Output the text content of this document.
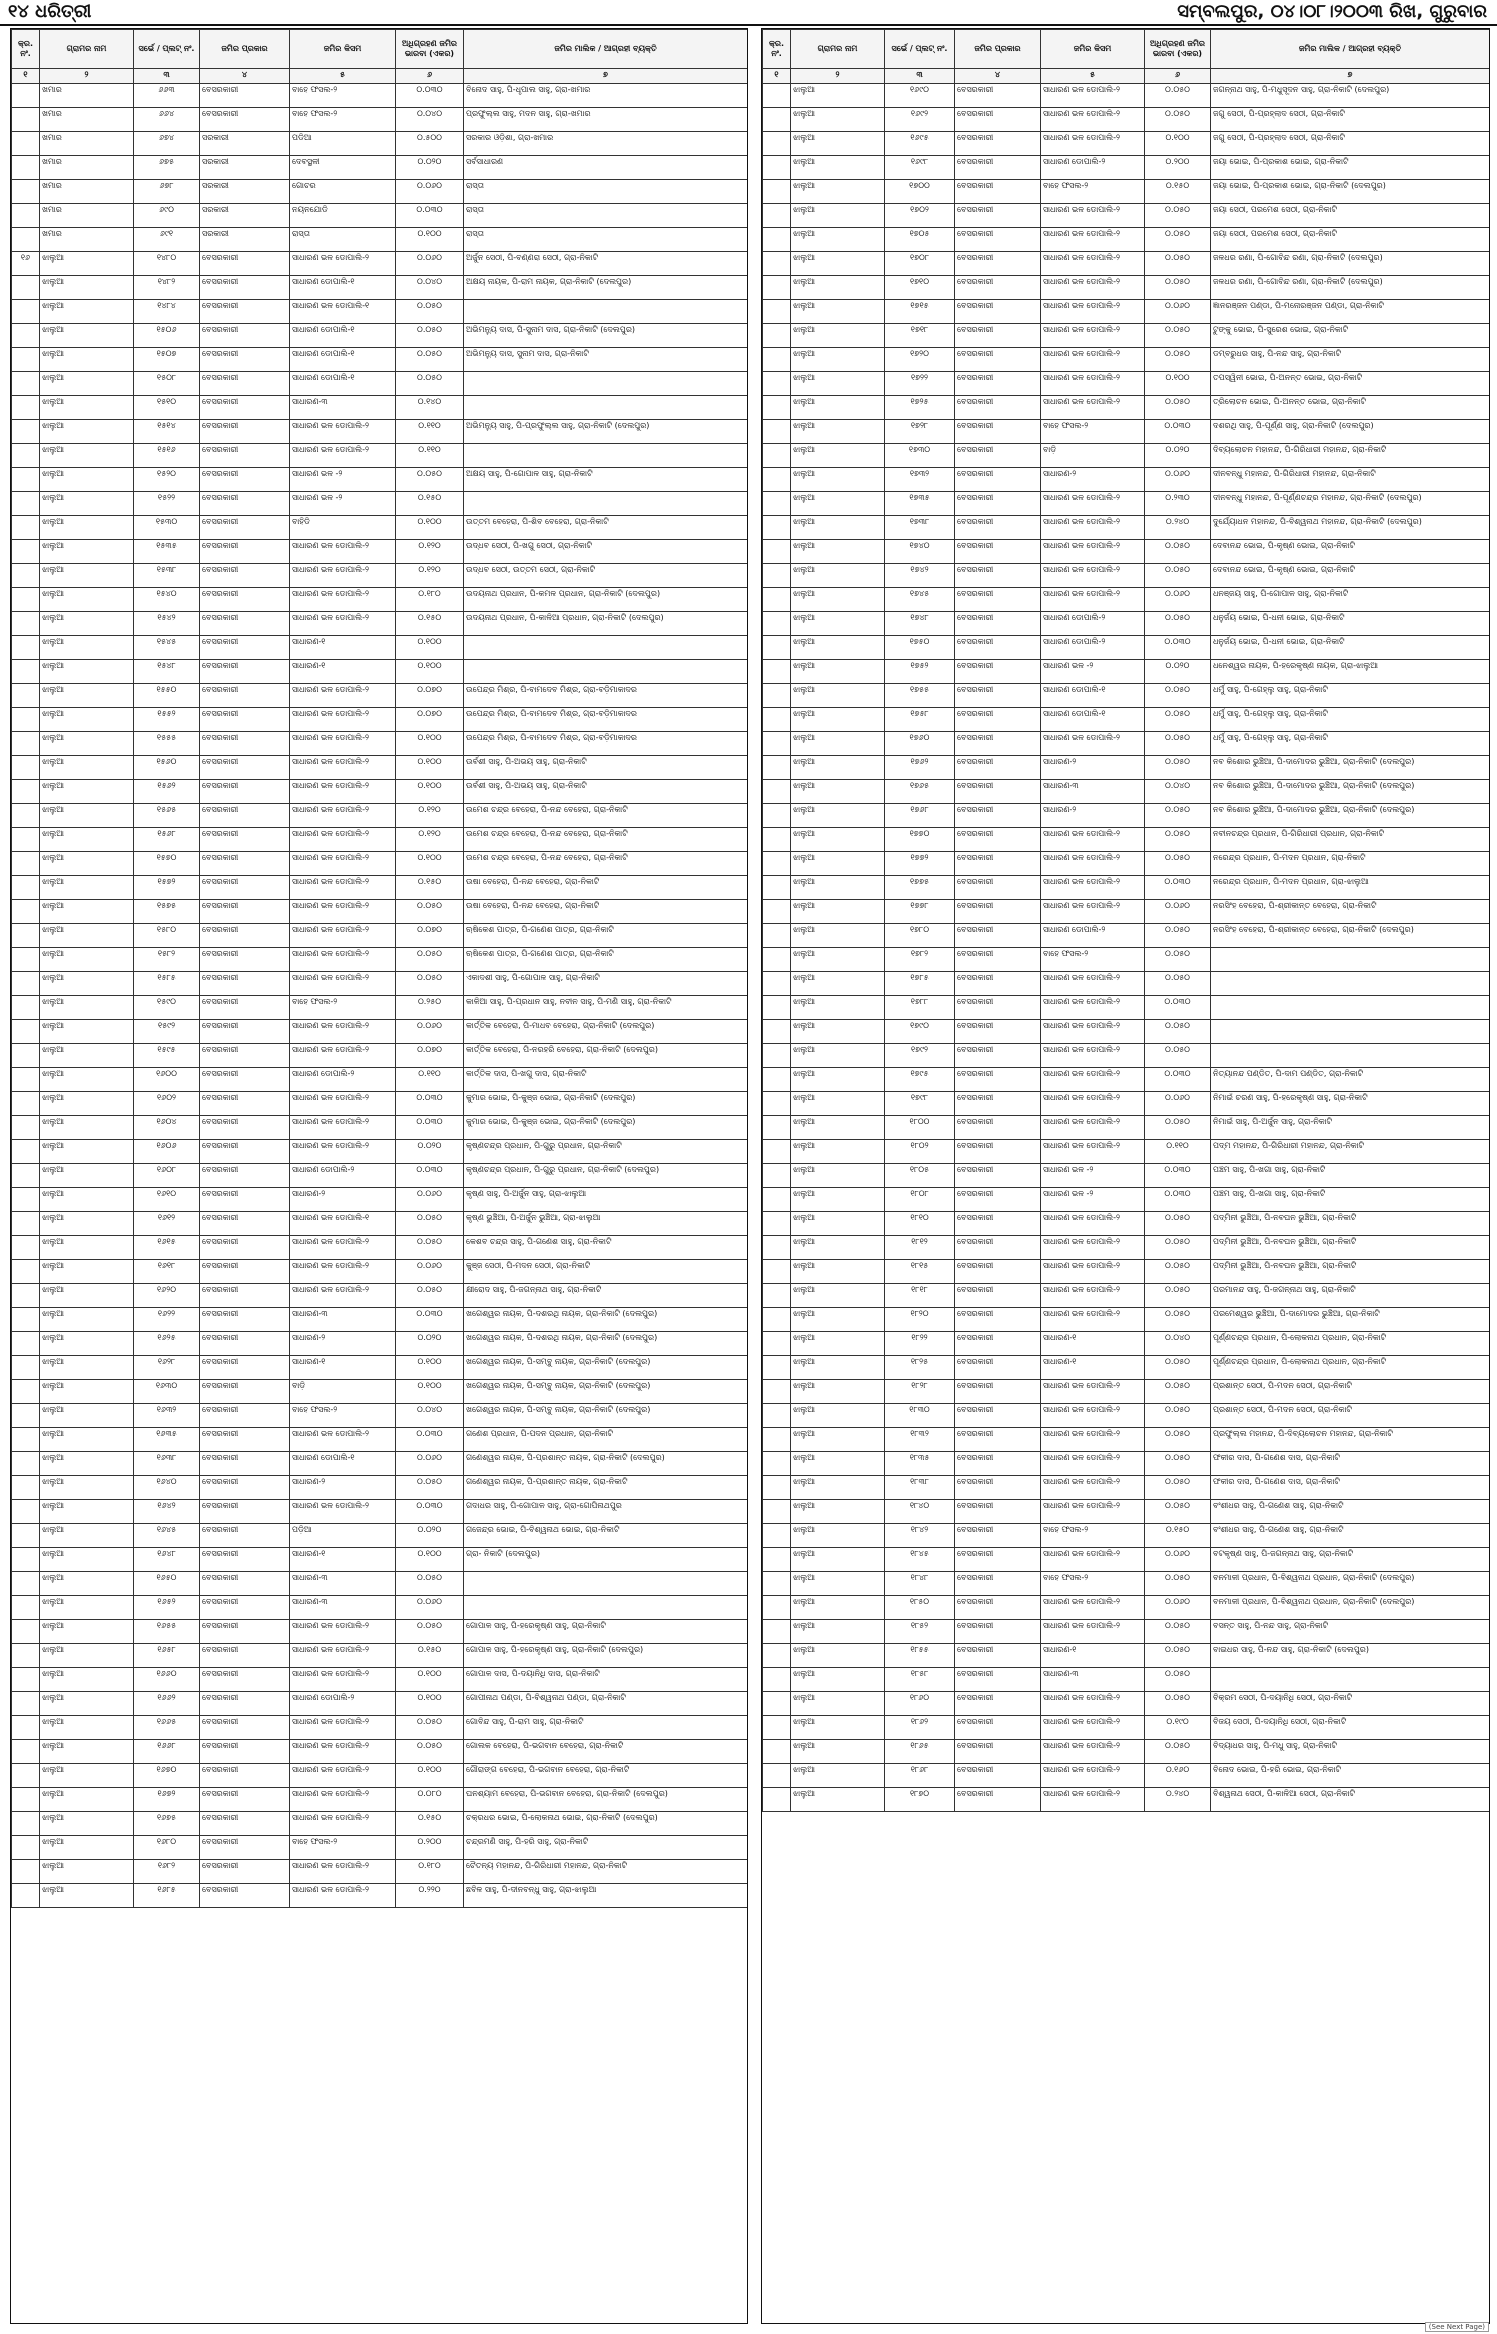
୧୪ ଧରିତ୍ରୀ	ସମ୍ବଲପୁର, ୦୪।୦୮।୨୦୦୩ ରିଖ, ଗୁରୁବାର
କ୍ର. ନଂ.	ଗ୍ରାମର ନାମ	ସର୍ଭେ / ପ୍ଲଟ୍ ନଂ.	ଜମିର ପ୍ରକାର	ଜମିର କିସମ	ଅଧିଗ୍ରହଣ ଜମିର ଭାରବା (ଏକର)	ଜମିର ମାଲିକ / ଆଗ୍ରହୀ ବ୍ୟକ୍ତି
୧	୨	୩	୪	୫	୬	୭
	ଖମାର	୬୬୩	ବେସରକାରୀ	ବାହେ ଫସଲ-୨	୦.୦୩୦	ବିନୋଦ ସାହୁ, ପି-ଧୃପାଲ ସାହୁ, ଗ୍ରା-ଖମାର
	ଖମାର	୬୬୪	ବେସରକାରୀ	ବାହେ ଫସଲ-୨	୦.୦୪୦	ପ୍ରଫୁଲ୍ଲ ସାହୁ, ମଦନ ସାହୁ, ଗ୍ରା-ଖମାର
	ଖମାର	୬୭୪	ସରକାରୀ	ପଡିଆ	୦.୫୦୦	ସରକାର ଓଡ଼ିଶା, ଗ୍ରା-ଖମାର
	ଖମାର	୬୭୫	ସରକାରୀ	ଦେବସ୍ଥଳୀ	୦.୦୨୦	ସର୍ବସାଧାରଣ
	ଖମାର	୬୭୮	ସରକାରୀ	ଗୋଚର	୦.୦୬୦	ରାସ୍ତା
	ଖମାର	୬୯୦	ସରକାରୀ	ନୟନଯୋଡି	୦.୦୩୦	ରାସ୍ତା
	ଖମାର	୬୯୧	ସରକାରୀ	ରାସ୍ତା	୦.୧୦୦	ରାସ୍ତା
୧୬	ଝାଲୁଆ	୧୪୮୦	ବେସରକାରୀ	ସାଧାରଣ ଭଳ ଡୋପାଲି-୨	୦.୦୬୦	ଅର୍ଜୁନ ସେଠୀ, ପି-ବଣ୍ଣରା ସେଠୀ, ଗ୍ରା-ନିକାଟି
	ଝାଲୁଆ	୧୪୮୨	ବେସରକାରୀ	ସାଧାରଣ ଡୋପାଲି-୧	୦.୦୪୦	ଅକ୍ଷୟ ନାୟକ, ପି-ରାମ ନାୟକ, ଗ୍ରା-ନିକାଟି (ଦେଲପୁର)
	ଝାଲୁଆ	୧୪୮୪	ବେସରକାରୀ	ସାଧାରଣ ଭଳ ଡୋପାଲି-୧	୦.୦୫୦	
	ଝାଲୁଆ	୧୫୦୬	ବେସରକାରୀ	ସାଧାରଣ ଡୋପାଲି-୧	୦.୦୫୦	ଅଭିମନ୍ୟୁ ଦାସ, ପି-ସୁନାମ ଦାସ, ଗ୍ରା-ନିକାଟି (ଦେଲପୁର)
	ଝାଲୁଆ	୧୫୦୭	ବେସରକାରୀ	ସାଧାରଣ ଡୋପାଲି-୧	୦.୦୫୦	ଅଭିମନ୍ୟୁ ଦାସ, ସୁନାମ ଦାସ, ଗ୍ରା-ନିକାଟି
	ଝାଲୁଆ	୧୫୦୮	ବେସରକାରୀ	ସାଧାରଣ ଡୋପାଲି-୧	୦.୦୫୦	
	ଝାଲୁଆ	୧୫୧୦	ବେସରକାରୀ	ସାଧାରଣ-୩	୦.୧୪୦	
	ଝାଲୁଆ	୧୫୧୪	ବେସରକାରୀ	ସାଧାରଣ ଭଳ ଡୋପାଲି-୨	୦.୧୧୦	ଅଭିମନ୍ୟୁ ସାହୁ, ପି-ପ୍ରଫୁଲ୍ଲ ସାହୁ, ଗ୍ରା-ନିକାଟି (ଦେଲପୁର)
	ଝାଲୁଆ	୧୫୧୬	ବେସରକାରୀ	ସାଧାରଣ ଭଳ ଡୋପାଲି-୨	୦.୧୧୦	
	ଝାଲୁଆ	୧୫୨୦	ବେସରକାରୀ	ସାଧାରଣ ଭଳ -୨	୦.୦୫୦	ଅକ୍ଷୟ ସାହୁ, ପି-ଗୋପାଳ ସାହୁ, ଗ୍ରା-ନିକାଟି
	ଝାଲୁଆ	୧୫୨୨	ବେସରକାରୀ	ସାଧାରଣ ଭଳ -୨	୦.୧୫୦	
	ଝାଲୁଆ	୧୫୩୦	ବେସରକାରୀ	ବାହିଡି	୦.୧୦୦	ଉତ୍ତମ ବେହେରା, ପି-ଶିବ ବେହେରା, ଗ୍ରା-ନିକାଟି
	ଝାଲୁଆ	୧୫୩୫	ବେସରକାରୀ	ସାଧାରଣ ଭଳ ଡୋପାଲି-୨	୦.୧୨୦	ଉଦ୍ଧବ ସେଠୀ, ପି-ଖଗୁ ସେଠୀ, ଗ୍ରା-ନିକାଟି
	ଝାଲୁଆ	୧୫୩୮	ବେସରକାରୀ	ସାଧାରଣ ଭଳ ଡୋପାଲି-୨	୦.୧୨୦	ଉଦ୍ଧବ ସେଠୀ, ଉତ୍ତମ ସେଠୀ, ଗ୍ରା-ନିକାଟି
	ଝାଲୁଆ	୧୫୪୦	ବେସରକାରୀ	ସାଧାରଣ ଭଳ ଡୋପାଲି-୨	୦.୧୮୦	ଉଦୟନାଥ ପ୍ରଧାନ, ପି-କମଳ ପ୍ରଧାନ, ଗ୍ରା-ନିକାଟି (ଦେଲପୁର)
	ଝାଲୁଆ	୧୫୪୨	ବେସରକାରୀ	ସାଧାରଣ ଭଳ ଡୋପାଲି-୨	୦.୧୫୦	ଉଦୟନାଥ ପ୍ରଧାନ, ପି-କାଳିଆ ପ୍ରଧାନ, ଗ୍ରା-ନିକାଟି (ଦେଲପୁର)
	ଝାଲୁଆ	୧୫୪୫	ବେସରକାରୀ	ସାଧାରଣ-୧	୦.୧୦୦	
	ଝାଲୁଆ	୧୫୪୮	ବେସରକାରୀ	ସାଧାରଣ-୧	୦.୧୦୦	
	ଝାଲୁଆ	୧୫୫୦	ବେସରକାରୀ	ସାଧାରଣ ଭଳ ଡୋପାଲି-୨	୦.୦୭୦	ଉପେନ୍ଦ୍ର ମିଶ୍ର, ପି-ବାମଦେବ ମିଶ୍ର, ଗ୍ରା-ବଡ଼ିମାକାଦର
	ଝାଲୁଆ	୧୫୫୨	ବେସରକାରୀ	ସାଧାରଣ ଭଳ ଡୋପାଲି-୨	୦.୦୭୦	ଉପେନ୍ଦ୍ର ମିଶ୍ର, ପି-ବାମଦେବ ମିଶ୍ର, ଗ୍ରା-ବଡ଼ିମାକାଦର
	ଝାଲୁଆ	୧୫୫୫	ବେସରକାରୀ	ସାଧାରଣ ଭଳ ଡୋପାଲି-୨	୦.୧୦୦	ଉପେନ୍ଦ୍ର ମିଶ୍ର, ପି-ବାମଦେବ ମିଶ୍ର, ଗ୍ରା-ବଡ଼ିମାକାଦର
	ଝାଲୁଆ	୧୫୬୦	ବେସରକାରୀ	ସାଧାରଣ ଭଳ ଡୋପାଲି-୨	୦.୧୦୦	ଉର୍ବଶୀ ସାହୁ, ପି-ଅଭୟ ସାହୁ, ଗ୍ରା-ନିକାଟି
	ଝାଲୁଆ	୧୫୬୨	ବେସରକାରୀ	ସାଧାରଣ ଭଳ ଡୋପାଲି-୨	୦.୧୦୦	ଉର୍ବଶୀ ସାହୁ, ପି-ଅଭୟ ସାହୁ, ଗ୍ରା-ନିକାଟି
	ଝାଲୁଆ	୧୫୬୫	ବେସରକାରୀ	ସାଧାରଣ ଭଳ ଡୋପାଲି-୨	୦.୧୨୦	ଉମେଶ ଚନ୍ଦ୍ର ବେହେରା, ପି-ନନ୍ଦ ବେହେରା, ଗ୍ରା-ନିକାଟି
	ଝାଲୁଆ	୧୫୬୮	ବେସରକାରୀ	ସାଧାରଣ ଭଳ ଡୋପାଲି-୨	୦.୧୨୦	ଉମେଶ ଚନ୍ଦ୍ର ବେହେରା, ପି-ନନ୍ଦ ବେହେରା, ଗ୍ରା-ନିକାଟି
	ଝାଲୁଆ	୧୫୭୦	ବେସରକାରୀ	ସାଧାରଣ ଭଳ ଡୋପାଲି-୨	୦.୧୦୦	ଉମେଶ ଚନ୍ଦ୍ର ବେହେରା, ପି-ନନ୍ଦ ବେହେରା, ଗ୍ରା-ନିକାଟି
	ଝାଲୁଆ	୧୫୭୨	ବେସରକାରୀ	ସାଧାରଣ ଭଳ ଡୋପାଲି-୨	୦.୧୫୦	ଉଷା ବେହେରା, ପି-ନନ୍ଦ ବେହେରା, ଗ୍ରା-ନିକାଟି
	ଝାଲୁଆ	୧୫୭୫	ବେସରକାରୀ	ସାଧାରଣ ଭଳ ଡୋପାଲି-୨	୦.୦୫୦	ଉଷା ବେହେରା, ପି-ନନ୍ଦ ବେହେରା, ଗ୍ରା-ନିକାଟି
	ଝାଲୁଆ	୧୫୮୦	ବେସରକାରୀ	ସାଧାରଣ ଭଳ ଡୋପାଲି-୨	୦.୦୭୦	ଋଷିକେଶ ପାତ୍ର, ପି-ଗଣେଶ ପାତ୍ର, ଗ୍ରା-ନିକାଟି
	ଝାଲୁଆ	୧୫୮୨	ବେସରକାରୀ	ସାଧାରଣ ଭଳ ଡୋପାଲି-୨	୦.୦୫୦	ଋଷିକେଶ ପାତ୍ର, ପି-ଗଣେଶ ପାତ୍ର, ଗ୍ରା-ନିକାଟି
	ଝାଲୁଆ	୧୫୮୫	ବେସରକାରୀ	ସାଧାରଣ ଭଳ ଡୋପାଲି-୨	୦.୦୫୦	ଏକାଦଶୀ ସାହୁ, ପି-ଗୋପାଳ ସାହୁ, ଗ୍ରା-ନିକାଟି
	ଝାଲୁଆ	୧୫୯୦	ବେସରକାରୀ	ବାହେ ଫସଲ-୨	୦.୨୫୦	କାଳିଆ ସାହୁ, ପି-ପ୍ରଧାନ ସାହୁ, ନବୀନ ସାହୁ, ପି-ମଣି ସାହୁ, ଗ୍ରା-ନିକାଟି
	ଝାଲୁଆ	୧୫୯୨	ବେସରକାରୀ	ସାଧାରଣ ଭଳ ଡୋପାଲି-୨	୦.୦୬୦	କାର୍ତ୍ତିକ ବେହେରା, ପି-ମାଧବ ବେହେରା, ଗ୍ରା-ନିକାଟି (ଦେଲପୁର)
	ଝାଲୁଆ	୧୫୯୫	ବେସରକାରୀ	ସାଧାରଣ ଭଳ ଡୋପାଲି-୨	୦.୦୭୦	କାର୍ତ୍ତିକ ବେହେରା, ପି-ନରହରି ବେହେରା, ଗ୍ରା-ନିକାଟି (ଦେଲପୁର)
	ଝାଲୁଆ	୧୬୦୦	ବେସରକାରୀ	ସାଧାରଣ ଡୋପାଲି-୨	୦.୧୧୦	କାର୍ତ୍ତିକ ଦାସ, ପି-ଖଗୁ ଦାସ, ଗ୍ରା-ନିକାଟି
	ଝାଲୁଆ	୧୬୦୨	ବେସରକାରୀ	ସାଧାରଣ ଭଳ ଡୋପାଲି-୨	୦.୦୩୦	କୁମାର ଭୋଇ, ପି-କୁଞ୍ଜ ଭୋଇ, ଗ୍ରା-ନିକାଟି (ଦେଲପୁର)
	ଝାଲୁଆ	୧୬୦୪	ବେସରକାରୀ	ସାଧାରଣ ଭଳ ଡୋପାଲି-୨	୦.୦୩୦	କୁମାର ଭୋଇ, ପି-କୁଞ୍ଜ ଭୋଇ, ଗ୍ରା-ନିକାଟି (ଦେଲପୁର)
	ଝାଲୁଆ	୧୬୦୬	ବେସରକାରୀ	ସାଧାରଣ ଭଳ ଡୋପାଲି-୨	୦.୦୨୦	କୃଷ୍ଣଚନ୍ଦ୍ର ପ୍ରଧାନ, ପି-ଗୁରୁ ପ୍ରଧାନ, ଗ୍ରା-ନିକାଟି
	ଝାଲୁଆ	୧୬୦୮	ବେସରକାରୀ	ସାଧାରଣ ଡୋପାଲି-୨	୦.୦୩୦	କୃଷ୍ଣଚନ୍ଦ୍ର ପ୍ରଧାନ, ପି-ଗୁରୁ ପ୍ରଧାନ, ଗ୍ରା-ନିକାଟି (ଦେଲପୁର)
	ଝାଲୁଆ	୧୬୧୦	ବେସରକାରୀ	ସାଧାରଣ-୨	୦.୦୬୦	କୃଷ୍ଣ ସାହୁ, ପି-ଅର୍ଜୁନ ସାହୁ, ଗ୍ରା-ଝାଲୁଆ
	ଝାଲୁଆ	୧୬୧୨	ବେସରକାରୀ	ସାଧାରଣ ଭଳ ଡୋପାଲି-୧	୦.୦୫୦	କୃଷ୍ଣ ଭୁଞ୍ଚିଆ, ପି-ଅର୍ଜୁନ ଭୁଞ୍ଚିଆ, ଗ୍ରା-ଝାଲୁଆ
	ଝାଲୁଆ	୧୬୧୫	ବେସରକାରୀ	ସାଧାରଣ ଭଳ ଡୋପାଲି-୨	୦.୦୫୦	କେଶବ ଚନ୍ଦ୍ର ସାହୁ, ପି-ଗଣେଶ ସାହୁ, ଗ୍ରା-ନିକାଟି
	ଝାଲୁଆ	୧୬୧୮	ବେସରକାରୀ	ସାଧାରଣ ଭଳ ଡୋପାଲି-୨	୦.୦୬୦	କୁଞ୍ଜ ସେଠୀ, ପି-ମଦନ ସେଠୀ, ଗ୍ରା-ନିକାଟି
	ଝାଲୁଆ	୧୬୨୦	ବେସରକାରୀ	ସାଧାରଣ ଭଳ ଡୋପାଲି-୨	୦.୦୫୦	କ୍ଷୀରୋଦ ସାହୁ, ପି-ଜଗନ୍ନାଥ ସାହୁ, ଗ୍ରା-ନିକାଟି
	ଝାଲୁଆ	୧୬୨୨	ବେସରକାରୀ	ସାଧାରଣ-୩	୦.୦୩୦	ଖଗେଶ୍ୱର ନାୟକ, ପି-ଦଶରଥି ନାୟକ, ଗ୍ରା-ନିକାଟି (ଦେଲପୁର)
	ଝାଲୁଆ	୧୬୨୫	ବେସରକାରୀ	ସାଧାରଣ-୨	୦.୦୨୦	ଖଗେଶ୍ୱର ନାୟକ, ପି-ଦଶରଥି ନାୟକ, ଗ୍ରା-ନିକାଟି (ଦେଲପୁର)
	ଝାଲୁଆ	୧୬୨୮	ବେସରକାରୀ	ସାଧାରଣ-୧	୦.୧୦୦	ଖଗେଶ୍ୱର ନାୟକ, ପି-ସମ୍ବୁ ନାୟକ, ଗ୍ରା-ନିକାଟି (ଦେଲପୁର)
	ଝାଲୁଆ	୧୬୩୦	ବେସରକାରୀ	ବାଡ଼ି	୦.୧୦୦	ଖଗେଶ୍ୱର ନାୟକ, ପି-ସମ୍ବୁ ନାୟକ, ଗ୍ରା-ନିକାଟି (ଦେଲପୁର)
	ଝାଲୁଆ	୧୬୩୨	ବେସରକାରୀ	ବାହେ ଫସଲ-୨	୦.୦୪୦	ଖଗେଶ୍ୱର ନାୟକ, ପି-ସମ୍ବୁ ନାୟକ, ଗ୍ରା-ନିକାଟି (ଦେଲପୁର)
	ଝାଲୁଆ	୧୬୩୫	ବେସରକାରୀ	ସାଧାରଣ ଭଳ ଡୋପାଲି-୨	୦.୦୩୦	ଗଣେଶ ପ୍ରଧାନ, ପି-ପଦନ ପ୍ରଧାନ, ଗ୍ରା-ନିକାଟି
	ଝାଲୁଆ	୧୬୩୮	ବେସରକାରୀ	ସାଧାରଣ ଡୋପାଲି-୧	୦.୦୬୦	ଗଣେଶ୍ୱର ନାୟକ, ପି-ପ୍ରଶାନ୍ତ ନାୟକ, ଗ୍ରା-ନିକାଟି (ଦେଲପୁର)
	ଝାଲୁଆ	୧୬୪୦	ବେସରକାରୀ	ସାଧାରଣ-୨	୦.୦୫୦	ଗଣେଶ୍ୱର ନାୟକ, ପି-ପ୍ରଶାନ୍ତ ନାୟକ, ଗ୍ରା-ନିକାଟି
	ଝାଲୁଆ	୧୬୪୨	ବେସରକାରୀ	ସାଧାରଣ ଭଳ ଡୋପାଲି-୨	୦.୦୩୦	ଗଦାଧର ସାହୁ, ପି-ଗୋପାଳ ସାହୁ, ଗ୍ରା-ଗୋପିନାଥପୁର
	ଝାଲୁଆ	୧୬୪୫	ବେସରକାରୀ	ପଡ଼ିଆ	୦.୦୨୦	ଗଜେନ୍ଦ୍ର ଭୋଇ, ପି-ବିଶ୍ୱନାଥ ଭୋଇ, ଗ୍ରା-ନିକାଟି
	ଝାଲୁଆ	୧୬୪୮	ବେସରକାରୀ	ସାଧାରଣ-୧	୦.୧୦୦	ଗ୍ରା- ନିକାଟି (ଦେଲପୁର)
	ଝାଲୁଆ	୧୬୫୦	ବେସରକାରୀ	ସାଧାରଣ-୩	୦.୦୫୦	
	ଝାଲୁଆ	୧୬୫୨	ବେସରକାରୀ	ସାଧାରଣ-୩	୦.୦୬୦	
	ଝାଲୁଆ	୧୬୫୫	ବେସରକାରୀ	ସାଧାରଣ ଭଳ ଡୋପାଲି-୨	୦.୦୫୦	ଗୋପାଳ ସାହୁ, ପି-ହରେକୃଷ୍ଣ ସାହୁ, ଗ୍ରା-ନିକାଟି
	ଝାଲୁଆ	୧୬୫୮	ବେସରକାରୀ	ସାଧାରଣ ଭଳ ଡୋପାଲି-୨	୦.୧୫୦	ଗୋପାଳ ସାହୁ, ପି-ହରେକୃଷ୍ଣ ସାହୁ, ଗ୍ରା-ନିକାଟି (ଦେଲପୁର)
	ଝାଲୁଆ	୧୬୬୦	ବେସରକାରୀ	ସାଧାରଣ ଭଳ ଡୋପାଲି-୨	୦.୧୦୦	ଗୋପାଳ ଦାସ, ପି-ଦୟାନିଧି ଦାସ, ଗ୍ରା-ନିକାଟି
	ଝାଲୁଆ	୧୬୬୨	ବେସରକାରୀ	ସାଧାରଣ ଡୋପାଲି-୨	୦.୧୦୦	ଗୋପୀନାଥ ପଣ୍ଡା, ପି-ବିଶ୍ୱନାଥ ପଣ୍ଡା, ଗ୍ରା-ନିକାଟି
	ଝାଲୁଆ	୧୬୬୫	ବେସରକାରୀ	ସାଧାରଣ ଭଳ ଡୋପାଲି-୨	୦.୦୫୦	ଗୋବିନ୍ଦ ସାହୁ, ପି-ରାମ ସାହୁ, ଗ୍ରା-ନିକାଟି
	ଝାଲୁଆ	୧୬୬୮	ବେସରକାରୀ	ସାଧାରଣ ଭଳ ଡୋପାଲି-୨	୦.୦୫୦	ଗୋଲକ ବେହେରା, ପି-ଭଗବାନ ବେହେରା, ଗ୍ରା-ନିକାଟି
	ଝାଲୁଆ	୧୬୭୦	ବେସରକାରୀ	ସାଧାରଣ ଭଳ ଡୋପାଲି-୨	୦.୧୦୦	ଗୌରାଙ୍ଗ ବେହେରା, ପି-ଭଗବାନ ବେହେରା, ଗ୍ରା-ନିକାଟି
	ଝାଲୁଆ	୧୬୭୨	ବେସରକାରୀ	ସାଧାରଣ ଭଳ ଡୋପାଲି-୨	୦.୦୮୦	ଘନଶ୍ୟାମ ବେହେରା, ପି-ଭଗବାନ ବେହେରା, ଗ୍ରା-ନିକାଟି (ଦେଲପୁର)
	ଝାଲୁଆ	୧୬୭୫	ବେସରକାରୀ	ସାଧାରଣ ଭଳ ଡୋପାଲି-୨	୦.୧୫୦	ଚକ୍ରଧର ଭୋଇ, ପି-ଲୋକନାଥ ଭୋଇ, ଗ୍ରା-ନିକାଟି (ଦେଲପୁର)
	ଝାଲୁଆ	୧୬୮୦	ବେସରକାରୀ	ବାହେ ଫସଲ-୨	୦.୨୦୦	ଚନ୍ଦ୍ରମଣି ସାହୁ, ପି-ହରି ସାହୁ, ଗ୍ରା-ନିକାଟି
	ଝାଲୁଆ	୧୬୮୨	ବେସରକାରୀ	ସାଧାରଣ ଭଳ ଡୋପାଲି-୨	୦.୧୮୦	ଚୈତନ୍ୟ ମହାନନ୍ଦ, ପି-ଗିରିଧାରୀ ମହାନନ୍ଦ, ଗ୍ରା-ନିକାଟି
	ଝାଲୁଆ	୧୬୮୫	ବେସରକାରୀ	ସାଧାରଣ ଭଳ ଡୋପାଲି-୨	୦.୨୨୦	ଛବିଳ ସାହୁ, ପି-ଦୀନବନ୍ଧୁ ସାହୁ, ଗ୍ରା-ଝାଲୁଆ
କ୍ର. ନଂ.	ଗ୍ରାମର ନାମ	ସର୍ଭେ / ପ୍ଲଟ୍ ନଂ.	ଜମିର ପ୍ରକାର	ଜମିର କିସମ	ଅଧିଗ୍ରହଣ ଜମିର ଭାରବା (ଏକର)	ଜମିର ମାଲିକ / ଆଗ୍ରହୀ ବ୍ୟକ୍ତି
୧	୨	୩	୪	୫	୬	୭
	ଝାଲୁଆ	୧୬୯୦	ବେସରକାରୀ	ସାଧାରଣ ଭଳ ଡୋପାଲି-୨	୦.୦୫୦	ଜଗନ୍ନାଥ ସାହୁ, ପି-ମଧୁସୂଦନ ସାହୁ, ଗ୍ରା-ନିକାଟି (ଦେଲପୁର)
	ଝାଲୁଆ	୧୬୯୨	ବେସରକାରୀ	ସାଧାରଣ ଭଳ ଡୋପାଲି-୨	୦.୦୫୦	ଜଗୁ ସେଠୀ, ପି-ପ୍ରହ୍ଲାଦ ସେଠୀ, ଗ୍ରା-ନିକାଟି
	ଝାଲୁଆ	୧୬୯୫	ବେସରକାରୀ	ସାଧାରଣ ଭଳ ଡୋପାଲି-୨	୦.୧୦୦	ଜଗୁ ସେଠୀ, ପି-ପ୍ରହ୍ଲାଦ ସେଠୀ, ଗ୍ରା-ନିକାଟି
	ଝାଲୁଆ	୧୬୯୮	ବେସରକାରୀ	ସାଧାରଣ ଡୋପାଲି-୨	୦.୨୦୦	ଜୟା ଭୋଇ, ପି-ପ୍ରକାଶ ଭୋଇ, ଗ୍ରା-ନିକାଟି
	ଝାଲୁଆ	୧୭୦୦	ବେସରକାରୀ	ବାହେ ଫସଲ-୨	୦.୧୫୦	ଜୟା ଭୋଇ, ପି-ପ୍ରକାଶ ଭୋଇ, ଗ୍ରା-ନିକାଟି (ଦେଲପୁର)
	ଝାଲୁଆ	୧୭୦୨	ବେସରକାରୀ	ସାଧାରଣ ଭଳ ଡୋପାଲି-୨	୦.୦୫୦	ଜୟା ସେଠୀ, ପରମେଶ ସେଠୀ, ଗ୍ରା-ନିକାଟି
	ଝାଲୁଆ	୧୭୦୫	ବେସରକାରୀ	ସାଧାରଣ ଭଳ ଡୋପାଲି-୨	୦.୦୫୦	ଜୟା ସେଠୀ, ପରମେଶ ସେଠୀ, ଗ୍ରା-ନିକାଟି
	ଝାଲୁଆ	୧୭୦୮	ବେସରକାରୀ	ସାଧାରଣ ଭଳ ଡୋପାଲି-୨	୦.୦୫୦	ଜଳଧର ରଣା, ପି-ଗୋବିନ୍ଦ ରଣା, ଗ୍ରା-ନିକାଟି (ଦେଲପୁର)
	ଝାଲୁଆ	୧୭୧୦	ବେସରକାରୀ	ସାଧାରଣ ଭଳ ଡୋପାଲି-୨	୦.୦୫୦	ଜଳଧର ରଣା, ପି-ଗୋବିନ୍ଦ ରଣା, ଗ୍ରା-ନିକାଟି (ଦେଲପୁର)
	ଝାଲୁଆ	୧୭୧୫	ବେସରକାରୀ	ସାଧାରଣ ଭଳ ଡୋପାଲି-୨	୦.୦୬୦	ଜ୍ଞାନରଞ୍ଜନ ପଣ୍ଡା, ପି-ମନୋରଞ୍ଜନ ପଣ୍ଡା, ଗ୍ରା-ନିକାଟି
	ଝାଲୁଆ	୧୭୧୮	ବେସରକାରୀ	ସାଧାରଣ ଭଳ ଡୋପାଲି-୨	୦.୦୫୦	ଟୁଙ୍କୁ ଭୋଇ, ପି-ସୁରେଶ ଭୋଇ, ଗ୍ରା-ନିକାଟି
	ଝାଲୁଆ	୧୭୨୦	ବେସରକାରୀ	ସାଧାରଣ ଭଳ ଡୋପାଲି-୨	୦.୦୫୦	ଡମ୍ବରୁଧର ସାହୁ, ପି-ନନ୍ଦ ସାହୁ, ଗ୍ରା-ନିକାଟି
	ଝାଲୁଆ	୧୭୨୨	ବେସରକାରୀ	ସାଧାରଣ ଭଳ ଡୋପାଲି-୨	୦.୧୦୦	ତପସ୍ୱିନୀ ଭୋଇ, ପି-ଅନନ୍ତ ଭୋଇ, ଗ୍ରା-ନିକାଟି
	ଝାଲୁଆ	୧୭୨୫	ବେସରକାରୀ	ସାଧାରଣ ଭଳ ଡୋପାଲି-୨	୦.୦୫୦	ତ୍ରିଲୋଚନ ଭୋଇ, ପି-ଅନନ୍ତ ଭୋଇ, ଗ୍ରା-ନିକାଟି
	ଝାଲୁଆ	୧୭୨୮	ବେସରକାରୀ	ବାହେ ଫସଲ-୨	୦.୦୩୦	ଦଶରଥି ସାହୁ, ପି-ପୂର୍ଣ୍ଣ ସାହୁ, ଗ୍ରା-ନିକାଟି (ଦେଲପୁର)
	ଝାଲୁଆ	୧୭୩୦	ବେସରକାରୀ	ବାଡ଼ି	୦.୦୨୦	ଦିବ୍ୟଲୋଚନ ମହାନନ୍ଦ, ପି-ଗିରିଧାରୀ ମହାନନ୍ଦ, ଗ୍ରା-ନିକାଟି
	ଝାଲୁଆ	୧୭୩୨	ବେସରକାରୀ	ସାଧାରଣ-୨	୦.୦୬୦	ଦୀନବନ୍ଧୁ ମହାନନ୍ଦ, ପି-ଗିରିଧାରୀ ମହାନନ୍ଦ, ଗ୍ରା-ନିକାଟି
	ଝାଲୁଆ	୧୭୩୫	ବେସରକାରୀ	ସାଧାରଣ ଭଳ ଡୋପାଲି-୨	୦.୨୩୦	ଦୀନବନ୍ଧୁ ମହାନନ୍ଦ, ପି-ପୂର୍ଣ୍ଣଚନ୍ଦ୍ର ମହାନନ୍ଦ, ଗ୍ରା-ନିକାଟି (ଦେଲପୁର)
	ଝାଲୁଆ	୧୭୩୮	ବେସରକାରୀ	ସାଧାରଣ ଭଳ ଡୋପାଲି-୨	୦.୨୪୦	ଦୁର୍ଯ୍ୟୋଧନ ମହାନନ୍ଦ, ପି-ବିଶ୍ୱନାଥ ମହାନନ୍ଦ, ଗ୍ରା-ନିକାଟି (ଦେଲପୁର)
	ଝାଲୁଆ	୧୭୪୦	ବେସରକାରୀ	ସାଧାରଣ ଭଳ ଡୋପାଲି-୨	୦.୦୫୦	ଦେବାନନ୍ଦ ଭୋଇ, ପି-କୃଷ୍ଣ ଭୋଇ, ଗ୍ରା-ନିକାଟି
	ଝାଲୁଆ	୧୭୪୨	ବେସରକାରୀ	ସାଧାରଣ ଭଳ ଡୋପାଲି-୨	୦.୦୫୦	ଦେବାନନ୍ଦ ଭୋଇ, ପି-କୃଷ୍ଣ ଭୋଇ, ଗ୍ରା-ନିକାଟି
	ଝାଲୁଆ	୧୭୪୫	ବେସରକାରୀ	ସାଧାରଣ ଭଳ ଡୋପାଲି-୨	୦.୦୬୦	ଧନଞ୍ଜୟ ସାହୁ, ପି-ଗୋପାଳ ସାହୁ, ଗ୍ରା-ନିକାଟି
	ଝାଲୁଆ	୧୭୪୮	ବେସରକାରୀ	ସାଧାରଣ ଡୋପାଲି-୨	୦.୦୫୦	ଧନୁର୍ଜୟ ଭୋଇ, ପି-ଧନୀ ଭୋଇ, ଗ୍ରା-ନିକାଟି
	ଝାଲୁଆ	୧୭୫୦	ବେସରକାରୀ	ସାଧାରଣ ଡୋପାଲି-୨	୦.୦୩୦	ଧନୁର୍ଜୟ ଭୋଇ, ପି-ଧନୀ ଭୋଇ, ଗ୍ରା-ନିକାଟି
	ଝାଲୁଆ	୧୭୫୨	ବେସରକାରୀ	ସାଧାରଣ ଭଳ -୨	୦.୦୨୦	ଧନେଶ୍ୱର ନାୟକ, ପି-ହରେକୃଷ୍ଣ ନାୟକ, ଗ୍ରା-ଝାଲୁଆ
	ଝାଲୁଆ	୧୭୫୫	ବେସରକାରୀ	ସାଧାରଣ ଡୋପାଲି-୧	୦.୦୫୦	ଧର୍ମୁ ସାହୁ, ପି-ଗେହ୍ଲୁ ସାହୁ, ଗ୍ରା-ନିକାଟି
	ଝାଲୁଆ	୧୭୫୮	ବେସରକାରୀ	ସାଧାରଣ ଡୋପାଲି-୧	୦.୦୫୦	ଧର୍ମୁ ସାହୁ, ପି-ଗେହ୍ଲୁ ସାହୁ, ଗ୍ରା-ନିକାଟି
	ଝାଲୁଆ	୧୭୬୦	ବେସରକାରୀ	ସାଧାରଣ ଭଳ ଡୋପାଲି-୨	୦.୦୫୦	ଧର୍ମୁ ସାହୁ, ପି-ଗେହ୍ଲୁ ସାହୁ, ଗ୍ରା-ନିକାଟି
	ଝାଲୁଆ	୧୭୬୨	ବେସରକାରୀ	ସାଧାରଣ-୨	୦.୦୫୦	ନବ କିଶୋର ଭୁଞ୍ଚିଆ, ପି-ଦାମୋଦର ଭୁଞ୍ଚିଆ, ଗ୍ରା-ନିକାଟି (ଦେଲପୁର)
	ଝାଲୁଆ	୧୭୬୫	ବେସରକାରୀ	ସାଧାରଣ-୩	୦.୦୪୦	ନବ କିଶୋର ଭୁଞ୍ଚିଆ, ପି-ଦାମୋଦର ଭୁଞ୍ଚିଆ, ଗ୍ରା-ନିକାଟି (ଦେଲପୁର)
	ଝାଲୁଆ	୧୭୬୮	ବେସରକାରୀ	ସାଧାରଣ-୨	୦.୦୫୦	ନବ କିଶୋର ଭୁଞ୍ଚିଆ, ପି-ଦାମୋଦର ଭୁଞ୍ଚିଆ, ଗ୍ରା-ନିକାଟି (ଦେଲପୁର)
	ଝାଲୁଆ	୧୭୭୦	ବେସରକାରୀ	ସାଧାରଣ ଭଳ ଡୋପାଲି-୨	୦.୦୫୦	ନବୀନଚନ୍ଦ୍ର ପ୍ରଧାନ, ପି-ଗିରିଧାରୀ ପ୍ରଧାନ, ଗ୍ରା-ନିକାଟି
	ଝାଲୁଆ	୧୭୭୨	ବେସରକାରୀ	ସାଧାରଣ ଭଳ ଡୋପାଲି-୨	୦.୦୫୦	ନରେନ୍ଦ୍ର ପ୍ରଧାନ, ପି-ମଦନ ପ୍ରଧାନ, ଗ୍ରା-ନିକାଟି
	ଝାଲୁଆ	୧୭୭୫	ବେସରକାରୀ	ସାଧାରଣ ଭଳ ଡୋପାଲି-୨	୦.୦୩୦	ନରେନ୍ଦ୍ର ପ୍ରଧାନ, ପି-ମଦନ ପ୍ରଧାନ, ଗ୍ରା-ଝାଲୁଆ
	ଝାଲୁଆ	୧୭୭୮	ବେସରକାରୀ	ସାଧାରଣ ଭଳ ଡୋପାଲି-୨	୦.୦୬୦	ନରସିଂହ ବେହେରା, ପି-ଶ୍ରୀକାନ୍ତ ବେହେରା, ଗ୍ରା-ନିକାଟି
	ଝାଲୁଆ	୧୭୮୦	ବେସରକାରୀ	ସାଧାରଣ ଡୋପାଲି-୨	୦.୦୫୦	ନରସିଂହ ବେହେରା, ପି-ଶ୍ରୀକାନ୍ତ ବେହେରା, ଗ୍ରା-ନିକାଟି (ଦେଲପୁର)
	ଝାଲୁଆ	୧୭୮୨	ବେସରକାରୀ	ବାହେ ଫସଲ-୨	୦.୦୫୦	
	ଝାଲୁଆ	୧୭୮୫	ବେସରକାରୀ	ସାଧାରଣ ଭଳ ଡୋପାଲି-୨	୦.୦୫୦	
	ଝାଲୁଆ	୧୭୮୮	ବେସରକାରୀ	ସାଧାରଣ ଭଳ ଡୋପାଲି-୨	୦.୦୩୦	
	ଝାଲୁଆ	୧୭୯୦	ବେସରକାରୀ	ସାଧାରଣ ଭଳ ଡୋପାଲି-୨	୦.୦୫୦	
	ଝାଲୁଆ	୧୭୯୨	ବେସରକାରୀ	ସାଧାରଣ ଭଳ ଡୋପାଲି-୨	୦.୦୫୦	
	ଝାଲୁଆ	୧୭୯୫	ବେସରକାରୀ	ସାଧାରଣ ଭଳ ଡୋପାଲି-୨	୦.୦୩୦	ନିତ୍ୟାନନ୍ଦ ପଣ୍ଡିତ, ପି-ଦାମ ପଣ୍ଡିତ, ଗ୍ରା-ନିକାଟି
	ଝାଲୁଆ	୧୭୯୮	ବେସରକାରୀ	ସାଧାରଣ ଭଳ ଡୋପାଲି-୨	୦.୦୬୦	ନିମାଇଁ ଚରଣ ସାହୁ, ପି-ହରେକୃଷ୍ଣ ସାହୁ, ଗ୍ରା-ନିକାଟି
	ଝାଲୁଆ	୧୮୦୦	ବେସରକାରୀ	ସାଧାରଣ ଭଳ ଡୋପାଲି-୨	୦.୦୫୦	ନିମାଇଁ ସାହୁ, ପି-ଅର୍ଜୁନ ସାହୁ, ଗ୍ରା-ନିକାଟି
	ଝାଲୁଆ	୧୮୦୨	ବେସରକାରୀ	ସାଧାରଣ ଭଳ ଡୋପାଲି-୨	୦.୧୧୦	ପଦ୍ମ ମହାନନ୍ଦ, ପି-ଗିରିଧାରୀ ମହାନନ୍ଦ, ଗ୍ରା-ନିକାଟି
	ଝାଲୁଆ	୧୮୦୫	ବେସରକାରୀ	ସାଧାରଣ ଭଳ -୨	୦.୦୩୦	ପଞ୍ଚମ ସାହୁ, ପି-ଖଗା ସାହୁ, ଗ୍ରା-ନିକାଟି
	ଝାଲୁଆ	୧୮୦୮	ବେସରକାରୀ	ସାଧାରଣ ଭଳ -୨	୦.୦୩୦	ପଞ୍ଚମ ସାହୁ, ପି-ଖଗା ସାହୁ, ଗ୍ରା-ନିକାଟି
	ଝାଲୁଆ	୧୮୧୦	ବେସରକାରୀ	ସାଧାରଣ ଭଳ ଡୋପାଲି-୨	୦.୦୫୦	ପଦ୍ମିନୀ ଭୁଞ୍ଚିଆ, ପି-ନବଘନ ଭୁଞ୍ଚିଆ, ଗ୍ରା-ନିକାଟି
	ଝାଲୁଆ	୧୮୧୨	ବେସରକାରୀ	ସାଧାରଣ ଭଳ ଡୋପାଲି-୨	୦.୦୫୦	ପଦ୍ମିନୀ ଭୁଞ୍ଚିଆ, ପି-ନବଘନ ଭୁଞ୍ଚିଆ, ଗ୍ରା-ନିକାଟି
	ଝାଲୁଆ	୧୮୧୫	ବେସରକାରୀ	ସାଧାରଣ ଭଳ ଡୋପାଲି-୨	୦.୦୫୦	ପଦ୍ମିନୀ ଭୁଞ୍ଚିଆ, ପି-ନବଘନ ଭୁଞ୍ଚିଆ, ଗ୍ରା-ନିକାଟି
	ଝାଲୁଆ	୧୮୧୮	ବେସରକାରୀ	ସାଧାରଣ ଭଳ ଡୋପାଲି-୨	୦.୦୫୦	ପରମାନନ୍ଦ ସାହୁ, ପି-ଜଗନ୍ନାଥ ସାହୁ, ଗ୍ରା-ନିକାଟି
	ଝାଲୁଆ	୧୮୨୦	ବେସରକାରୀ	ସାଧାରଣ ଭଳ ଡୋପାଲି-୨	୦.୦୫୦	ପରମେଶ୍ୱର ଭୁଞ୍ଚିଆ, ପି-ଦାମୋଦର ଭୁଞ୍ଚିଆ, ଗ୍ରା-ନିକାଟି
	ଝାଲୁଆ	୧୮୨୨	ବେସରକାରୀ	ସାଧାରଣ-୧	୦.୦୪୦	ପୂର୍ଣ୍ଣଚନ୍ଦ୍ର ପ୍ରଧାନ, ପି-ଲୋକନାଥ ପ୍ରଧାନ, ଗ୍ରା-ନିକାଟି
	ଝାଲୁଆ	୧୮୨୫	ବେସରକାରୀ	ସାଧାରଣ-୧	୦.୦୫୦	ପୂର୍ଣ୍ଣଚନ୍ଦ୍ର ପ୍ରଧାନ, ପି-ଲୋକନାଥ ପ୍ରଧାନ, ଗ୍ରା-ନିକାଟି
	ଝାଲୁଆ	୧୮୨୮	ବେସରକାରୀ	ସାଧାରଣ ଭଳ ଡୋପାଲି-୨	୦.୦୫୦	ପ୍ରଶାନ୍ତ ସେଠୀ, ପି-ମଦନ ସେଠୀ, ଗ୍ରା-ନିକାଟି
	ଝାଲୁଆ	୧୮୩୦	ବେସରକାରୀ	ସାଧାରଣ ଭଳ ଡୋପାଲି-୨	୦.୦୫୦	ପ୍ରଶାନ୍ତ ସେଠୀ, ପି-ମଦନ ସେଠୀ, ଗ୍ରା-ନିକାଟି
	ଝାଲୁଆ	୧୮୩୨	ବେସରକାରୀ	ସାଧାରଣ ଭଳ ଡୋପାଲି-୨	୦.୦୫୦	ପ୍ରଫୁଲ୍ଲ ମହାନନ୍ଦ, ପି-ଦିବ୍ୟଲୋଚନ ମହାନନ୍ଦ, ଗ୍ରା-ନିକାଟି
	ଝାଲୁଆ	୧୮୩୫	ବେସରକାରୀ	ସାଧାରଣ ଭଳ ଡୋପାଲି-୨	୦.୦୫୦	ଫକୀର ଦାସ, ପି-ଗଣେଶ ଦାସ, ଗ୍ରା-ନିକାଟି
	ଝାଲୁଆ	୧୮୩୮	ବେସରକାରୀ	ସାଧାରଣ ଭଳ ଡୋପାଲି-୨	୦.୦୫୦	ଫକୀର ଦାସ, ପି-ଗଣେଶ ଦାସ, ଗ୍ରା-ନିକାଟି
	ଝାଲୁଆ	୧୮୪୦	ବେସରକାରୀ	ସାଧାରଣ ଭଳ ଡୋପାଲି-୨	୦.୦୫୦	ବଂଶୀଧର ସାହୁ, ପି-ଗଣେଶ ସାହୁ, ଗ୍ରା-ନିକାଟି
	ଝାଲୁଆ	୧୮୪୨	ବେସରକାରୀ	ବାହେ ଫସଲ-୨	୦.୧୫୦	ବଂଶୀଧର ସାହୁ, ପି-ଗଣେଶ ସାହୁ, ଗ୍ରା-ନିକାଟି
	ଝାଲୁଆ	୧୮୪୫	ବେସରକାରୀ	ସାଧାରଣ ଭଳ ଡୋପାଲି-୨	୦.୦୬୦	ବଟକୃଷ୍ଣ ସାହୁ, ପି-ଜଗନ୍ନାଥ ସାହୁ, ଗ୍ରା-ନିକାଟି
	ଝାଲୁଆ	୧୮୪୮	ବେସରକାରୀ	ବାହେ ଫସଲ-୨	୦.୦୫୦	ବନମାଳୀ ପ୍ରଧାନ, ପି-ବିଶ୍ୱନାଥ ପ୍ରଧାନ, ଗ୍ରା-ନିକାଟି (ଦେଲପୁର)
	ଝାଲୁଆ	୧୮୫୦	ବେସରକାରୀ	ସାଧାରଣ ଭଳ ଡୋପାଲି-୨	୦.୦୬୦	ବନମାଳୀ ପ୍ରଧାନ, ପି-ବିଶ୍ୱନାଥ ପ୍ରଧାନ, ଗ୍ରା-ନିକାଟି (ଦେଲପୁର)
	ଝାଲୁଆ	୧୮୫୨	ବେସରକାରୀ	ସାଧାରଣ ଭଳ ଡୋପାଲି-୨	୦.୦୫୦	ବସନ୍ତ ସାହୁ, ପି-ନନ୍ଦ ସାହୁ, ଗ୍ରା-ନିକାଟି
	ଝାଲୁଆ	୧୮୫୫	ବେସରକାରୀ	ସାଧାରଣ-୧	୦.୦୫୦	ବାଇଧର ସାହୁ, ପି-ନନ୍ଦ ସାହୁ, ଗ୍ରା-ନିକାଟି (ଦେଲପୁର)
	ଝାଲୁଆ	୧୮୫୮	ବେସରକାରୀ	ସାଧାରଣ-୩	୦.୦୫୦	
	ଝାଲୁଆ	୧୮୬୦	ବେସରକାରୀ	ସାଧାରଣ ଭଳ ଡୋପାଲି-୨	୦.୦୫୦	ବିକ୍ରମ ସେଠୀ, ପି-ଦୟାନିଧି ସେଠୀ, ଗ୍ରା-ନିକାଟି
	ଝାଲୁଆ	୧୮୬୨	ବେସରକାରୀ	ସାଧାରଣ ଭଳ ଡୋପାଲି-୨	୦.୧୯୦	ବିଜୟ ସେଠୀ, ପି-ଦୟାନିଧି ସେଠୀ, ଗ୍ରା-ନିକାଟି
	ଝାଲୁଆ	୧୮୬୫	ବେସରକାରୀ	ସାଧାରଣ ଭଳ ଡୋପାଲି-୨	୦.୦୫୦	ବିଦ୍ୟାଧର ସାହୁ, ପି-ମଧୁ ସାହୁ, ଗ୍ରା-ନିକାଟି
	ଝାଲୁଆ	୧୮୬୮	ବେସରକାରୀ	ସାଧାରଣ ଭଳ ଡୋପାଲି-୨	୦.୧୬୦	ବିନୋଦ ଭୋଇ, ପି-ହରି ଭୋଇ, ଗ୍ରା-ନିକାଟି
	ଝାଲୁଆ	୧୮୭୦	ବେସରକାରୀ	ସାଧାରଣ ଭଳ ଡୋପାଲି-୨	୦.୨୪୦	ବିଶ୍ୱନାଥ ସେଠୀ, ପି-କାଳିଆ ସେଠୀ, ଗ୍ରା-ନିକାଟି
(See Next Page)
